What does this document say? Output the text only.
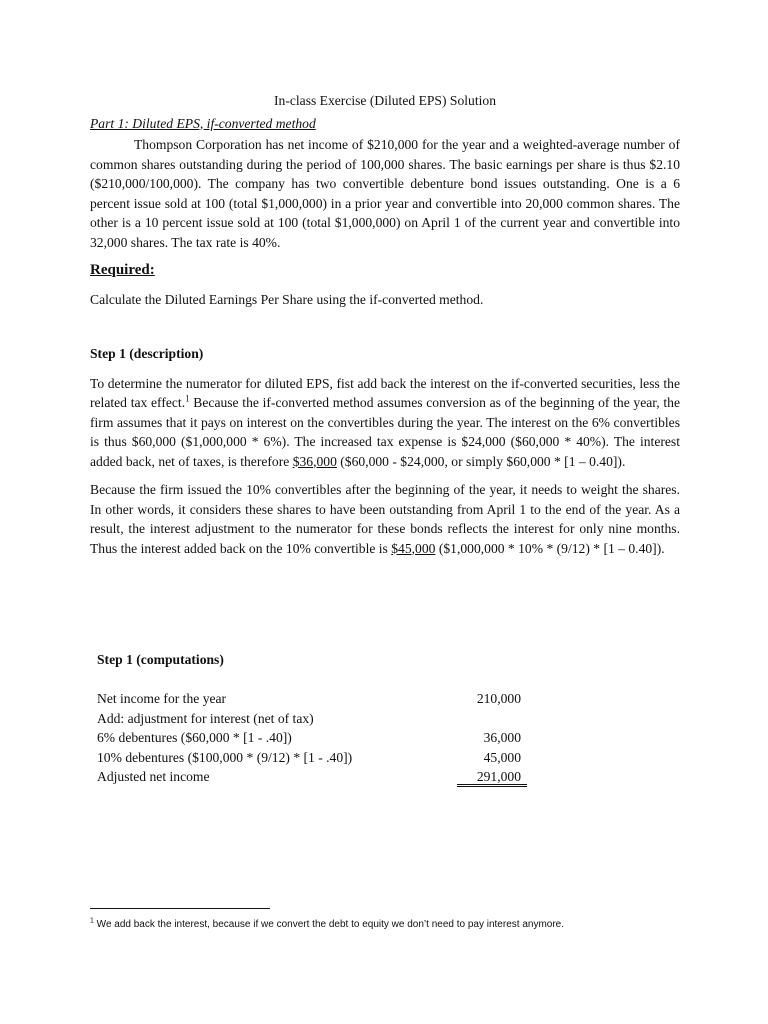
In-class Exercise (Diluted EPS) Solution
Part 1: Diluted EPS, if-converted method

Thompson Corporation has net income of $210,000 for the year and a weighted-average number of common shares outstanding during the period of 100,000 shares. The basic earnings per share is thus $2.10 ($210,000/100,000). The company has two convertible debenture bond issues outstanding. One is a 6 percent issue sold at 100 (total $1,000,000) in a prior year and convertible into 20,000 common shares. The other is a 10 percent issue sold at 100 (total $1,000,000) on April 1 of the current year and convertible into 32,000 shares. The tax rate is 40%.

Required:

Calculate the Diluted Earnings Per Share using the if-converted method.

Step 1 (description)

To determine the numerator for diluted EPS, fist add back the interest on the if-converted securities, less the related tax effect.$^1$ Because the if-converted method assumes conversion as of the beginning of the year, the firm assumes that it pays on interest on the convertibles during the year. The interest on the 6% convertibles is thus $60,000 ($1,000,000 * 6%). The increased tax expense is $24,000 ($60,000 * 40%). The interest added back, net of taxes, is therefore $36,000 ($60,000 - $24,000, or simply $60,000 * [1 – 0.40]).

Because the firm issued the 10% convertibles after the beginning of the year, it needs to weight the shares. In other words, it considers these shares to have been outstanding from April 1 to the end of the year. As a result, the interest adjustment to the numerator for these bonds reflects the interest for only nine months. Thus the interest added back on the 10% convertible is $45,000 ($1,000,000 * 10% * (9/12) * [1 – 0.40]).

Step 1 (computations)
Net income for the year	210,000
Add: adjustment for interest (net of tax)
6% debentures ($60,000 * [1 - .40])	36,000
10% debentures ($100,000 * (9/12) * [1 - .40])	45,000
Adjusted net income	291,000
$^1$ We add back the interest, because if we convert the debt to equity we don’t need to pay interest anymore.
